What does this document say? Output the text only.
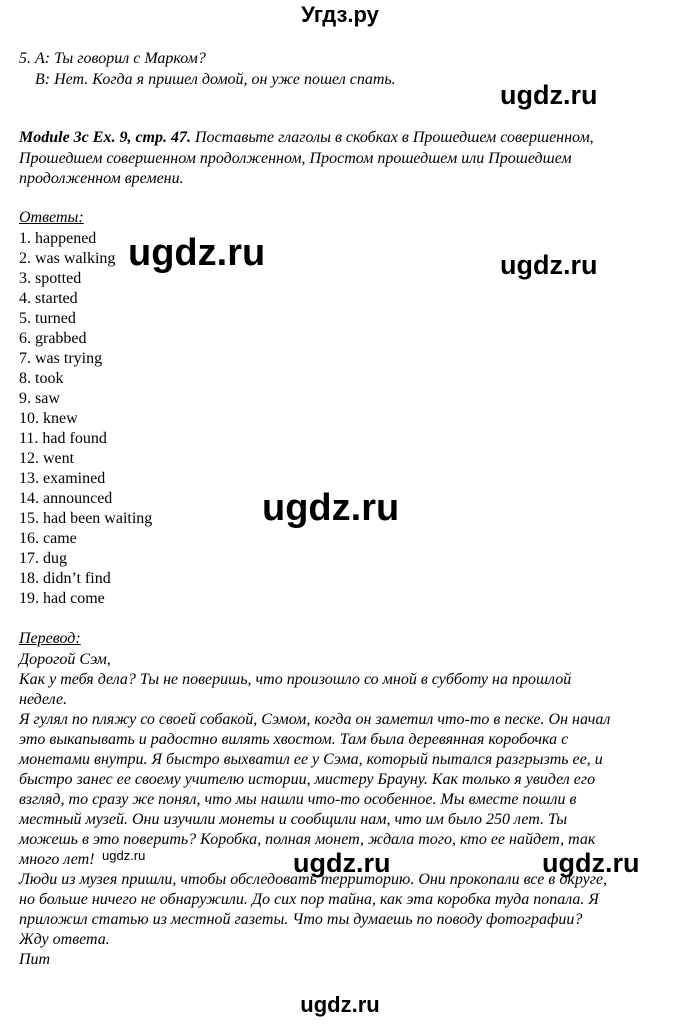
Угдз.ру
5. А: Ты говорил с Марком?
В: Нет. Когда я пришел домой, он уже пошел спать.
ugdz.ru
Module 3c Ex. 9, стр. 47. Поставьте глаголы в скобках в Прошедшем совершенном,
Прошедшем совершенном продолженном, Простом прошедшем или Прошедшем
продолженном времени.
Ответы:
1. happened
2. was walking
3. spotted
4. started
5. turned
6. grabbed
7. was trying
8. took
9. saw
10. knew
11. had found
12. went
13. examined
14. announced
15. had been waiting
16. came
17. dug
18. didn’t find
19. had come
ugdz.ru	ugdz.ru
ugdz.ru
Перевод:
Дорогой Сэм,
Как у тебя дела? Ты не поверишь, что произошло со мной в субботу на прошлой
неделе.
Я гулял по пляжу со своей собакой, Сэмом, когда он заметил что-то в песке. Он начал
это выкапывать и радостно вилять хвостом. Там была деревянная коробочка с
монетами внутри. Я быстро выхватил ее у Сэма, который пытался разгрызть ее, и
быстро занес ее своему учителю истории, мистеру Брауну. Как только я увидел его
взгляд, то сразу же понял, что мы нашли что-то особенное. Мы вместе пошли в
местный музей. Они изучили монеты и сообщили нам, что им было 250 лет. Ты
можешь в это поверить? Коробка, полная монет, ждала того, кто ее найдет, так
много лет!
Люди из музея пришли, чтобы обследовать территорию. Они прокопали все в округе,
но больше ничего не обнаружили. До сих пор тайна, как эта коробка туда попала. Я
приложил статью из местной газеты. Что ты думаешь по поводу фотографии?
Жду ответа.
Пит
ugdz.ru	ugdz.ru	ugdz.ru
ugdz.ru
